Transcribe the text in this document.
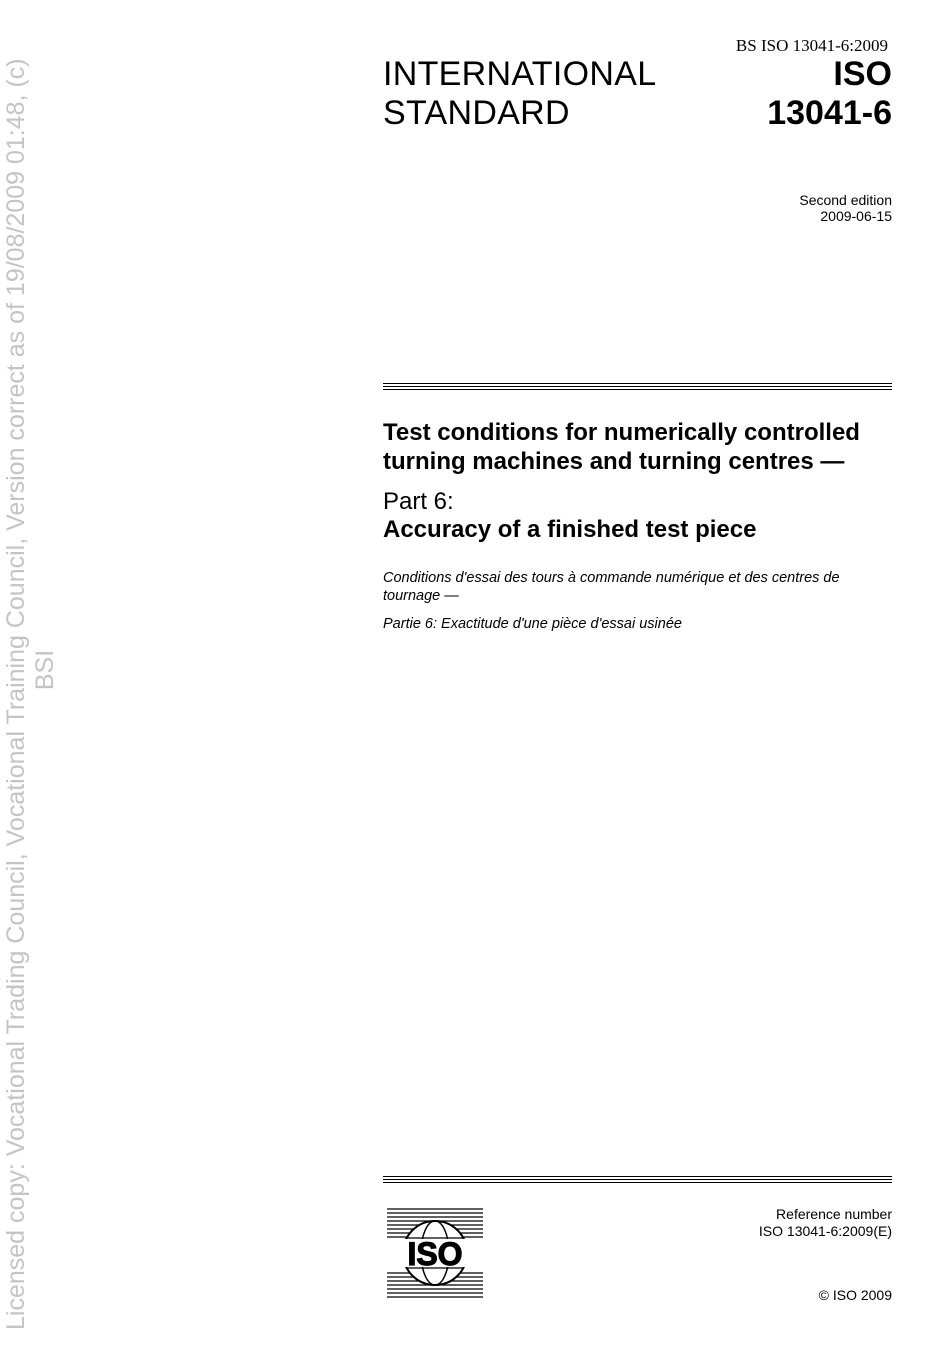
Licensed copy: Vocational Trading Council, Vocational Training Council, Version correct as of 19/08/2009 01:48, (c) BSI
BS ISO 13041-6:2009
INTERNATIONAL
STANDARD
ISO
13041-6
Second edition
2009-06-15
Test conditions for numerically controlled
turning machines and turning centres —
Part 6:
Accuracy of a finished test piece
Conditions d'essai des tours à commande numérique et des centres de
tournage —
Partie 6: Exactitude d'une pièce d'essai usinée
ISO
Reference number
ISO 13041-6:2009(E)
© ISO 2009
